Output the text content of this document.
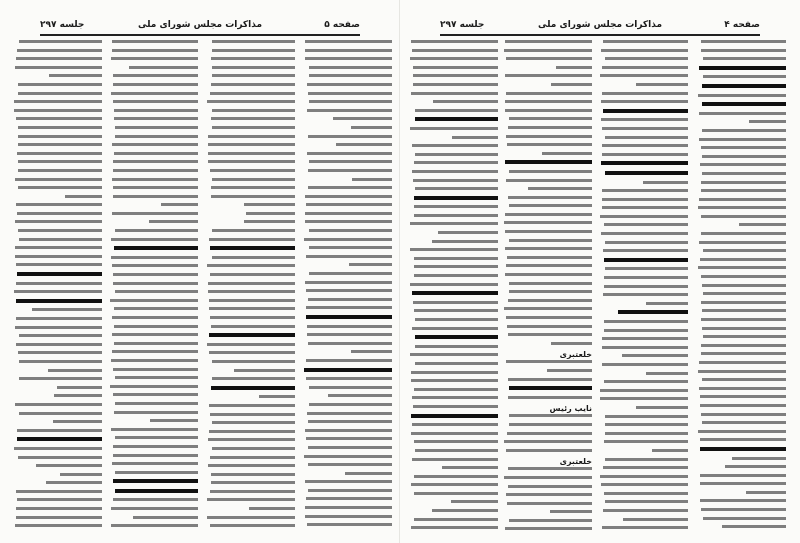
جلسه ۲۹۷	مذاکرات مجلس شورای ملی	صفحه ۵	جلسه ۲۹۷	مذاکرات مجلس شورای ملی	صفحه ۴
خلعتبری
نایب رئیس
خلعتبری
